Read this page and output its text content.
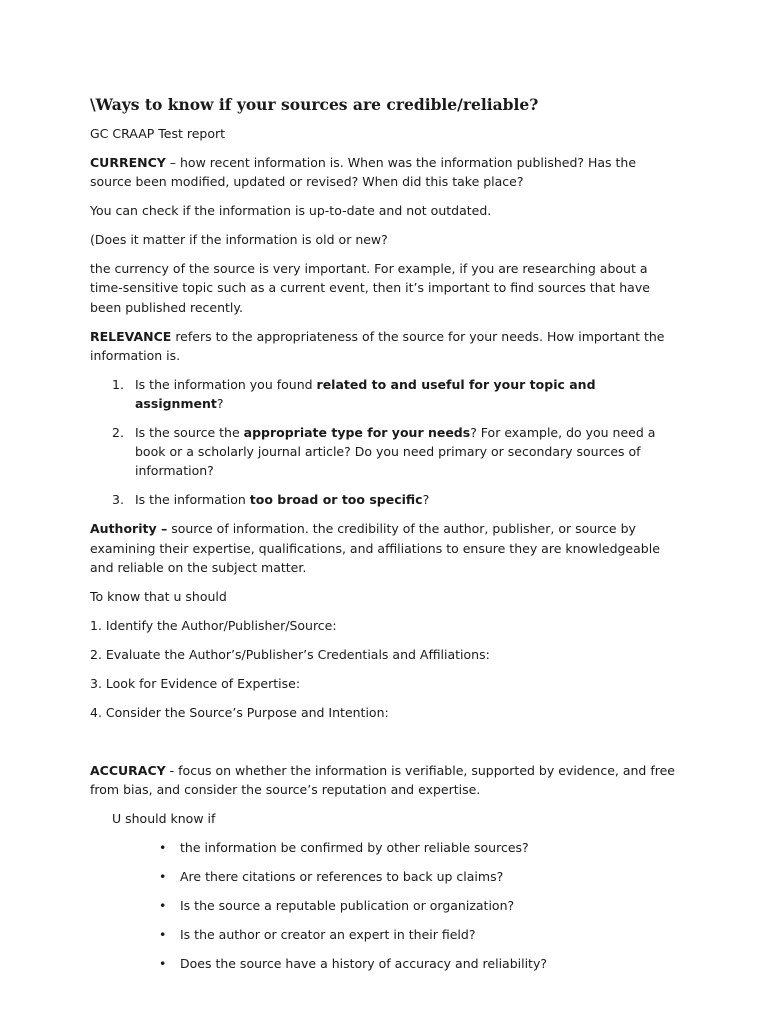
\Ways to know if your sources are credible/reliable?

GC CRAAP Test report

CURRENCY – how recent information is. When was the information published? Has the source been modified, updated or revised? When did this take place?

You can check if the information is up-to-date and not outdated.

(Does it matter if the information is old or new?

the currency of the source is very important. For example, if you are researching about a time-sensitive topic such as a current event, then it’s important to find sources that have been published recently.

RELEVANCE refers to the appropriateness of the source for your needs. How important the information is.

1. Is the information you found related to and useful for your topic and assignment?
2. Is the source the appropriate type for your needs? For example, do you need a book or a scholarly journal article? Do you need primary or secondary sources of information?
3. Is the information too broad or too specific?

Authority – source of information. the credibility of the author, publisher, or source by examining their expertise, qualifications, and affiliations to ensure they are knowledgeable and reliable on the subject matter.

To know that u should

1. Identify the Author/Publisher/Source:

2. Evaluate the Author’s/Publisher’s Credentials and Affiliations:

3. Look for Evidence of Expertise:

4. Consider the Source’s Purpose and Intention:

ACCURACY - focus on whether the information is verifiable, supported by evidence, and free from bias, and consider the source’s reputation and expertise.

U should know if

• the information be confirmed by other reliable sources?
• Are there citations or references to back up claims?
• Is the source a reputable publication or organization?
• Is the author or creator an expert in their field?
• Does the source have a history of accuracy and reliability?
